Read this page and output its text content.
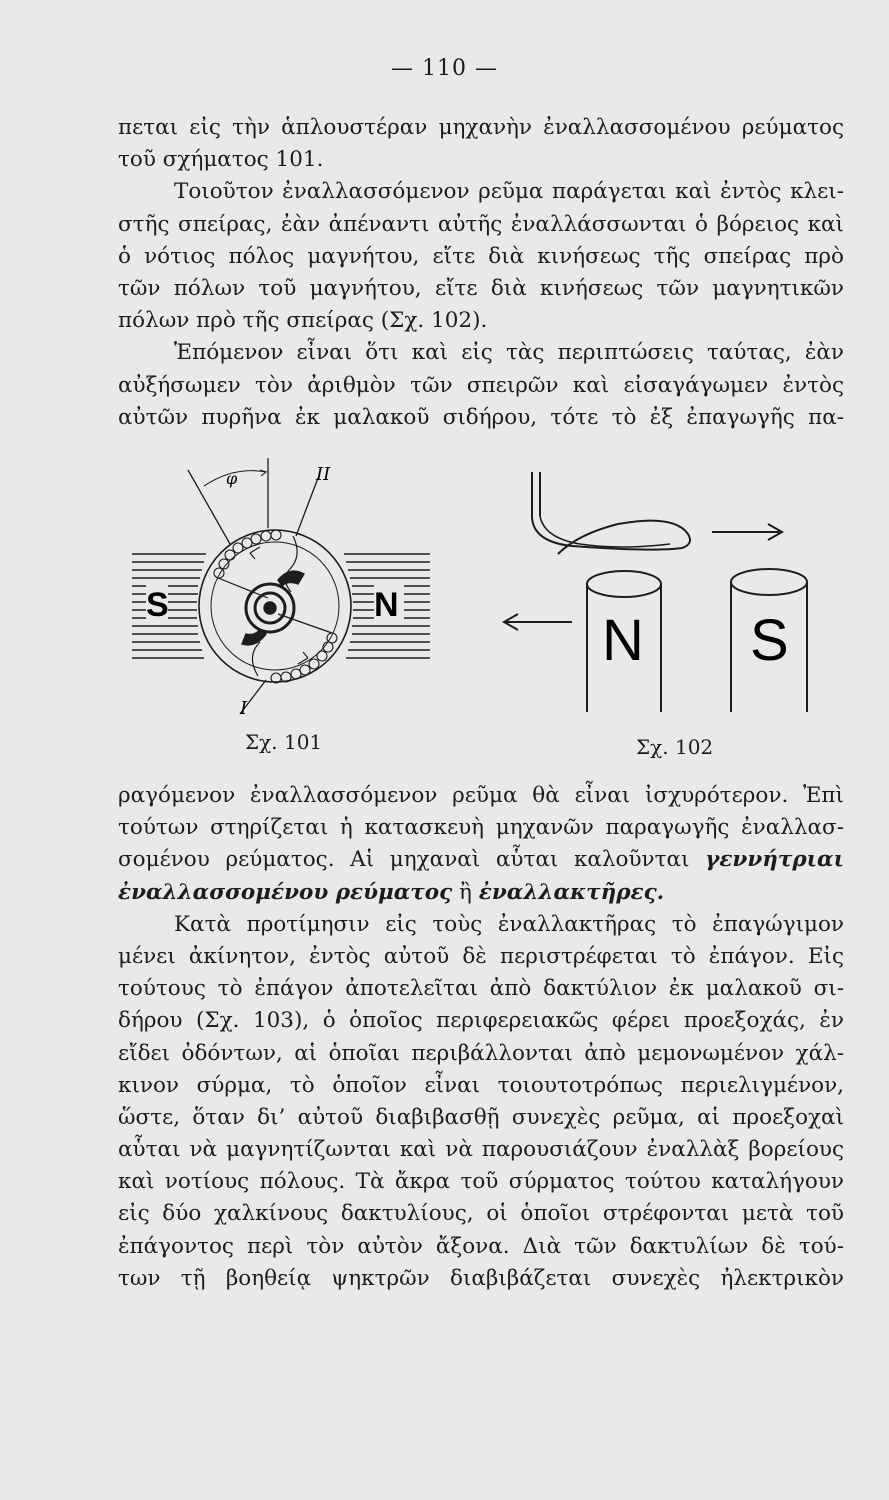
— 110 —
πεται εἰς τὴν ἁπλουστέραν μηχανὴν ἐναλλασσομένου ρεύματος
τοῦ σχήματος 101.
Τοιοῦτον ἐναλλασσόμενον ρεῦμα παράγεται καὶ ἐντὸς κλει-
στῆς σπείρας, ἐὰν ἀπέναντι αὐτῆς ἐναλλάσσωνται ὁ βόρειος καὶ
ὁ νότιος πόλος μαγνήτου, εἴτε διὰ κινήσεως τῆς σπείρας πρὸ
τῶν πόλων τοῦ μαγνήτου, εἴτε διὰ κινήσεως τῶν μαγνητικῶν
πόλων πρὸ τῆς σπείρας (Σχ. 102).
Ἑπόμενον εἶναι ὅτι καὶ εἰς τὰς περιπτώσεις ταύτας, ἐὰν
αὐξήσωμεν τὸν ἀριθμὸν τῶν σπειρῶν καὶ εἰσαγάγωμεν ἐντὸς
αὐτῶν πυρῆνα ἐκ μαλακοῦ σιδήρου, τότε τὸ ἐξ ἐπαγωγῆς πα-
S	N
φ	II
I
Σχ. 101
N S
Σχ. 102
ραγόμενον ἐναλλασσόμενον ρεῦμα θὰ εἶναι ἰσχυρότερον. Ἐπὶ
τούτων στηρίζεται ἡ κατασκευὴ μηχανῶν παραγωγῆς ἐναλλασ-
σομένου ρεύματος. Αἱ μηχαναὶ αὗται καλοῦνται γεννήτριαι
ἐναλλασσομένου ρεύματος ἢ ἐναλλακτῆρες.
Κατὰ προτίμησιν εἰς τοὺς ἐναλλακτῆρας τὸ ἐπαγώγιμον
μένει ἀκίνητον, ἐντὸς αὐτοῦ δὲ περιστρέφεται τὸ ἐπάγον. Εἰς
τούτους τὸ ἐπάγον ἀποτελεῖται ἀπὸ δακτύλιον ἐκ μαλακοῦ σι-
δήρου (Σχ. 103), ὁ ὁποῖος περιφερειακῶς φέρει προεξοχάς, ἐν
εἴδει ὀδόντων, αἱ ὁποῖαι περιβάλλονται ἀπὸ μεμονωμένον χάλ-
κινον σύρμα, τὸ ὁποῖον εἶναι τοιουτοτρόπως περιελιγμένον,
ὥστε, ὅταν δι’ αὐτοῦ διαβιβασθῇ συνεχὲς ρεῦμα, αἱ προεξοχαὶ
αὗται νὰ μαγνητίζωνται καὶ νὰ παρουσιάζουν ἐναλλὰξ βορείους
καὶ νοτίους πόλους. Τὰ ἄκρα τοῦ σύρματος τούτου καταλήγουν
εἰς δύο χαλκίνους δακτυλίους, οἱ ὁποῖοι στρέφονται μετὰ τοῦ
ἐπάγοντος περὶ τὸν αὐτὸν ἄξονα. Διὰ τῶν δακτυλίων δὲ τού-
των τῇ βοηθείᾳ ψηκτρῶν διαβιβάζεται συνεχὲς ἠλεκτρικὸν
